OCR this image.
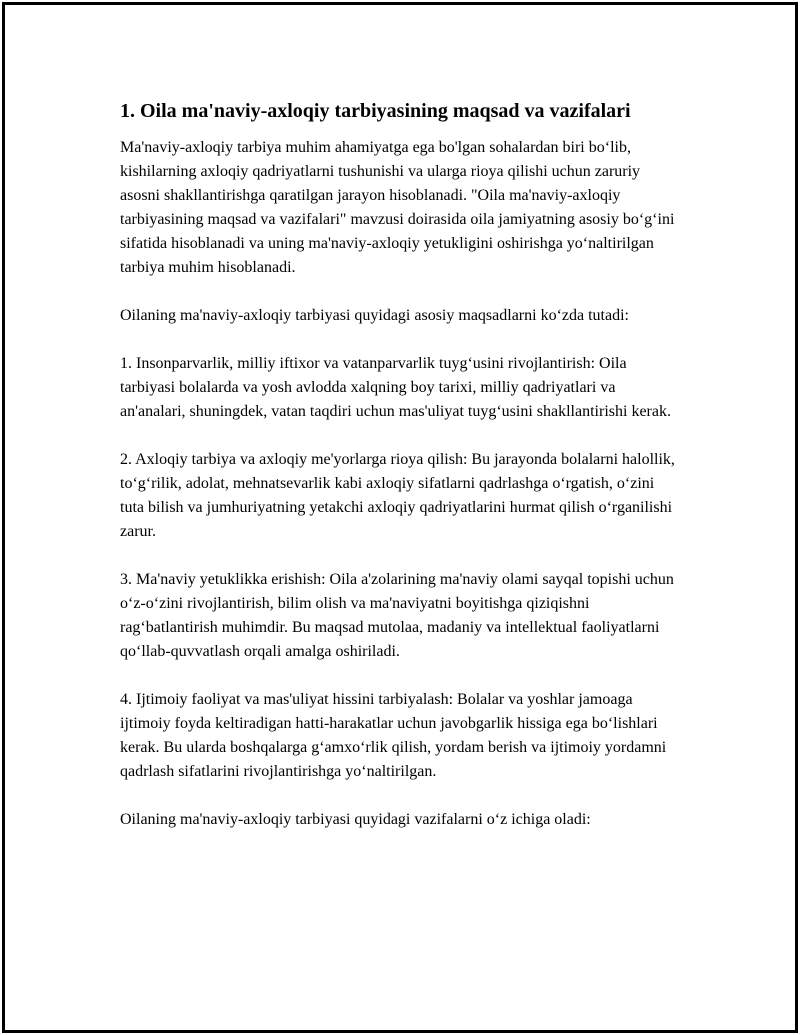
1. Oila ma'naviy-axloqiy tarbiyasining maqsad va vazifalari

Ma'naviy-axloqiy tarbiya muhim ahamiyatga ega bo'lgan sohalardan biri bo‘lib, kishilarning axloqiy qadriyatlarni tushunishi va ularga rioya qilishi uchun zaruriy asosni shakllantirishga qaratilgan jarayon hisoblanadi. "Oila ma'naviy-axloqiy tarbiyasining maqsad va vazifalari" mavzusi doirasida oila jamiyatning asosiy bo‘g‘ini sifatida hisoblanadi va uning ma'naviy-axloqiy yetukligini oshirishga yo‘naltirilgan tarbiya muhim hisoblanadi.

Oilaning ma'naviy-axloqiy tarbiyasi quyidagi asosiy maqsadlarni ko‘zda tutadi:

1. Insonparvarlik, milliy iftixor va vatanparvarlik tuyg‘usini rivojlantirish: Oila tarbiyasi bolalarda va yosh avlodda xalqning boy tarixi, milliy qadriyatlari va an'analari, shuningdek, vatan taqdiri uchun mas'uliyat tuyg‘usini shakllantirishi kerak.

2. Axloqiy tarbiya va axloqiy me'yorlarga rioya qilish: Bu jarayonda bolalarni halollik, to‘g‘rilik, adolat, mehnatsevarlik kabi axloqiy sifatlarni qadrlashga o‘rgatish, o‘zini tuta bilish va jumhuriyatning yetakchi axloqiy qadriyatlarini hurmat qilish o‘rganilishi zarur.

3. Ma'naviy yetuklikka erishish: Oila a'zolarining ma'naviy olami sayqal topishi uchun o‘z-o‘zini rivojlantirish, bilim olish va ma'naviyatni boyitishga qiziqishni rag‘batlantirish muhimdir. Bu maqsad mutolaa, madaniy va intellektual faoliyatlarni qo‘llab-quvvatlash orqali amalga oshiriladi.

4. Ijtimoiy faoliyat va mas'uliyat hissini tarbiyalash: Bolalar va yoshlar jamoaga ijtimoiy foyda keltiradigan hatti-harakatlar uchun javobgarlik hissiga ega bo‘lishlari kerak. Bu ularda boshqalarga g‘amxo‘rlik qilish, yordam berish va ijtimoiy yordamni qadrlash sifatlarini rivojlantirishga yo‘naltirilgan.

Oilaning ma'naviy-axloqiy tarbiyasi quyidagi vazifalarni o‘z ichiga oladi:
